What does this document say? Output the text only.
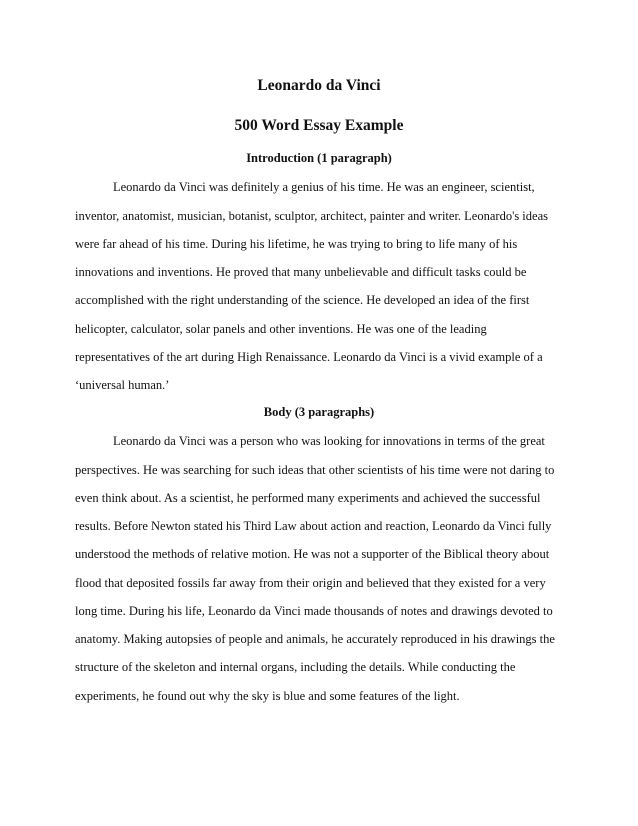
Leonardo da Vinci
500 Word Essay Example
Introduction (1 paragraph)
Leonardo da Vinci was definitely a genius of his time. He was an engineer, scientist,
inventor, anatomist, musician, botanist, sculptor, architect, painter and writer. Leonardo's ideas
were far ahead of his time. During his lifetime, he was trying to bring to life many of his
innovations and inventions. He proved that many unbelievable and difficult tasks could be
accomplished with the right understanding of the science. He developed an idea of the first
helicopter, calculator, solar panels and other inventions. He was one of the leading
representatives of the art during High Renaissance. Leonardo da Vinci is a vivid example of a
‘universal human.’
Body (3 paragraphs)
Leonardo da Vinci was a person who was looking for innovations in terms of the great
perspectives. He was searching for such ideas that other scientists of his time were not daring to
even think about. As a scientist, he performed many experiments and achieved the successful
results. Before Newton stated his Third Law about action and reaction, Leonardo da Vinci fully
understood the methods of relative motion. He was not a supporter of the Biblical theory about
flood that deposited fossils far away from their origin and believed that they existed for a very
long time. During his life, Leonardo da Vinci made thousands of notes and drawings devoted to
anatomy. Making autopsies of people and animals, he accurately reproduced in his drawings the
structure of the skeleton and internal organs, including the details. While conducting the
experiments, he found out why the sky is blue and some features of the light.
